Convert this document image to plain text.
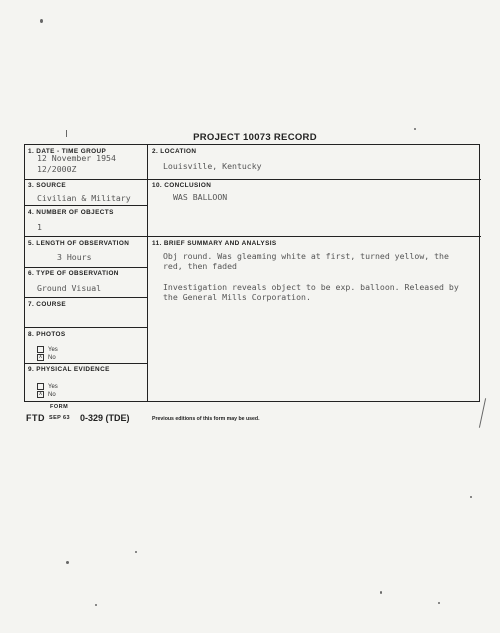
PROJECT 10073 RECORD
1. DATE - TIME GROUP
12 November 1954
12/2000Z
2. LOCATION
Louisville, Kentucky
3. SOURCE
Civilian & Military
10. CONCLUSION
WAS BALLOON
4. NUMBER OF OBJECTS
1
5. LENGTH OF OBSERVATION
3 Hours
11. BRIEF SUMMARY AND ANALYSIS
Obj round. Was gleaming white at first, turned yellow, the red, then faded
Investigation reveals object to be exp. balloon. Released by the General Mills Corporation.
6. TYPE OF OBSERVATION
Ground Visual
7. COURSE
8. PHOTOS
Yes
X No
9. PHYSICAL EVIDENCE
Yes
X No
FORM
FTD SEP 63 0-329 (TDE)	Previous editions of this form may be used.
